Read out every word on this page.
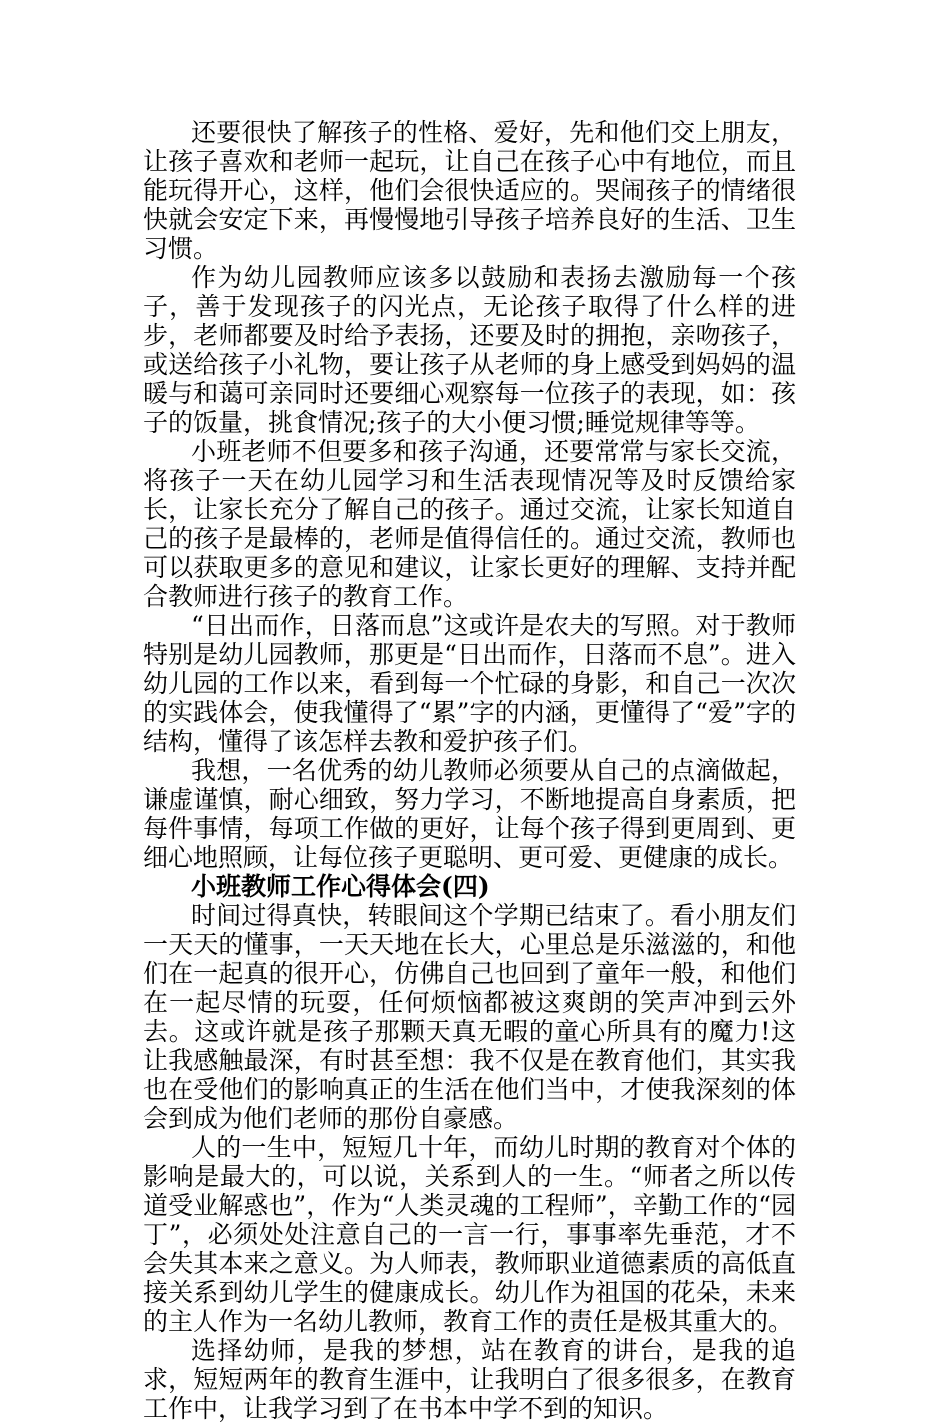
还要很快了解孩子的性格、爱好，先和他们交上朋友，让孩子喜欢和老师一起玩，让自己在孩子心中有地位，而且能玩得开心，这样，他们会很快适应的。哭闹孩子的情绪很快就会安定下来，再慢慢地引导孩子培养良好的生活、卫生习惯。

作为幼儿园教师应该多以鼓励和表扬去激励每一个孩子，善于发现孩子的闪光点，无论孩子取得了什么样的进步，老师都要及时给予表扬，还要及时的拥抱，亲吻孩子，或送给孩子小礼物，要让孩子从老师的身上感受到妈妈的温暖与和蔼可亲同时还要细心观察每一位孩子的表现，如：孩子的饭量，挑食情况;孩子的大小便习惯;睡觉规律等等。

小班老师不但要多和孩子沟通，还要常常与家长交流，将孩子一天在幼儿园学习和生活表现情况等及时反馈给家长，让家长充分了解自己的孩子。通过交流，让家长知道自己的孩子是最棒的，老师是值得信任的。通过交流，教师也可以获取更多的意见和建议，让家长更好的理解、支持并配合教师进行孩子的教育工作。

“日出而作，日落而息”这或许是农夫的写照。对于教师特别是幼儿园教师，那更是“日出而作，日落而不息”。进入幼儿园的工作以来，看到每一个忙碌的身影，和自己一次次的实践体会，使我懂得了“累”字的内涵，更懂得了“爱”字的结构，懂得了该怎样去教和爱护孩子们。

我想，一名优秀的幼儿教师必须要从自己的点滴做起，谦虚谨慎，耐心细致，努力学习，不断地提高自身素质，把每件事情，每项工作做的更好，让每个孩子得到更周到、更细心地照顾，让每位孩子更聪明、更可爱、更健康的成长。

小班教师工作心得体会(四)

时间过得真快，转眼间这个学期已结束了。看小朋友们一天天的懂事，一天天地在长大，心里总是乐滋滋的，和他们在一起真的很开心，仿佛自己也回到了童年一般，和他们在一起尽情的玩耍，任何烦恼都被这爽朗的笑声冲到云外去。这或许就是孩子那颗天真无暇的童心所具有的魔力!这让我感触最深，有时甚至想：我不仅是在教育他们，其实我也在受他们的影响真正的生活在他们当中，才使我深刻的体会到成为他们老师的那份自豪感。

人的一生中，短短几十年，而幼儿时期的教育对个体的影响是最大的，可以说，关系到人的一生。“师者之所以传道受业解惑也”，作为“人类灵魂的工程师”，辛勤工作的“园丁”，必须处处注意自己的一言一行，事事率先垂范，才不会失其本来之意义。为人师表，教师职业道德素质的高低直接关系到幼儿学生的健康成长。幼儿作为祖国的花朵，未来的主人作为一名幼儿教师，教育工作的责任是极其重大的。

选择幼师，是我的梦想，站在教育的讲台，是我的追求，短短两年的教育生涯中，让我明白了很多很多，在教育工作中，让我学习到了在书本中学不到的知识。
